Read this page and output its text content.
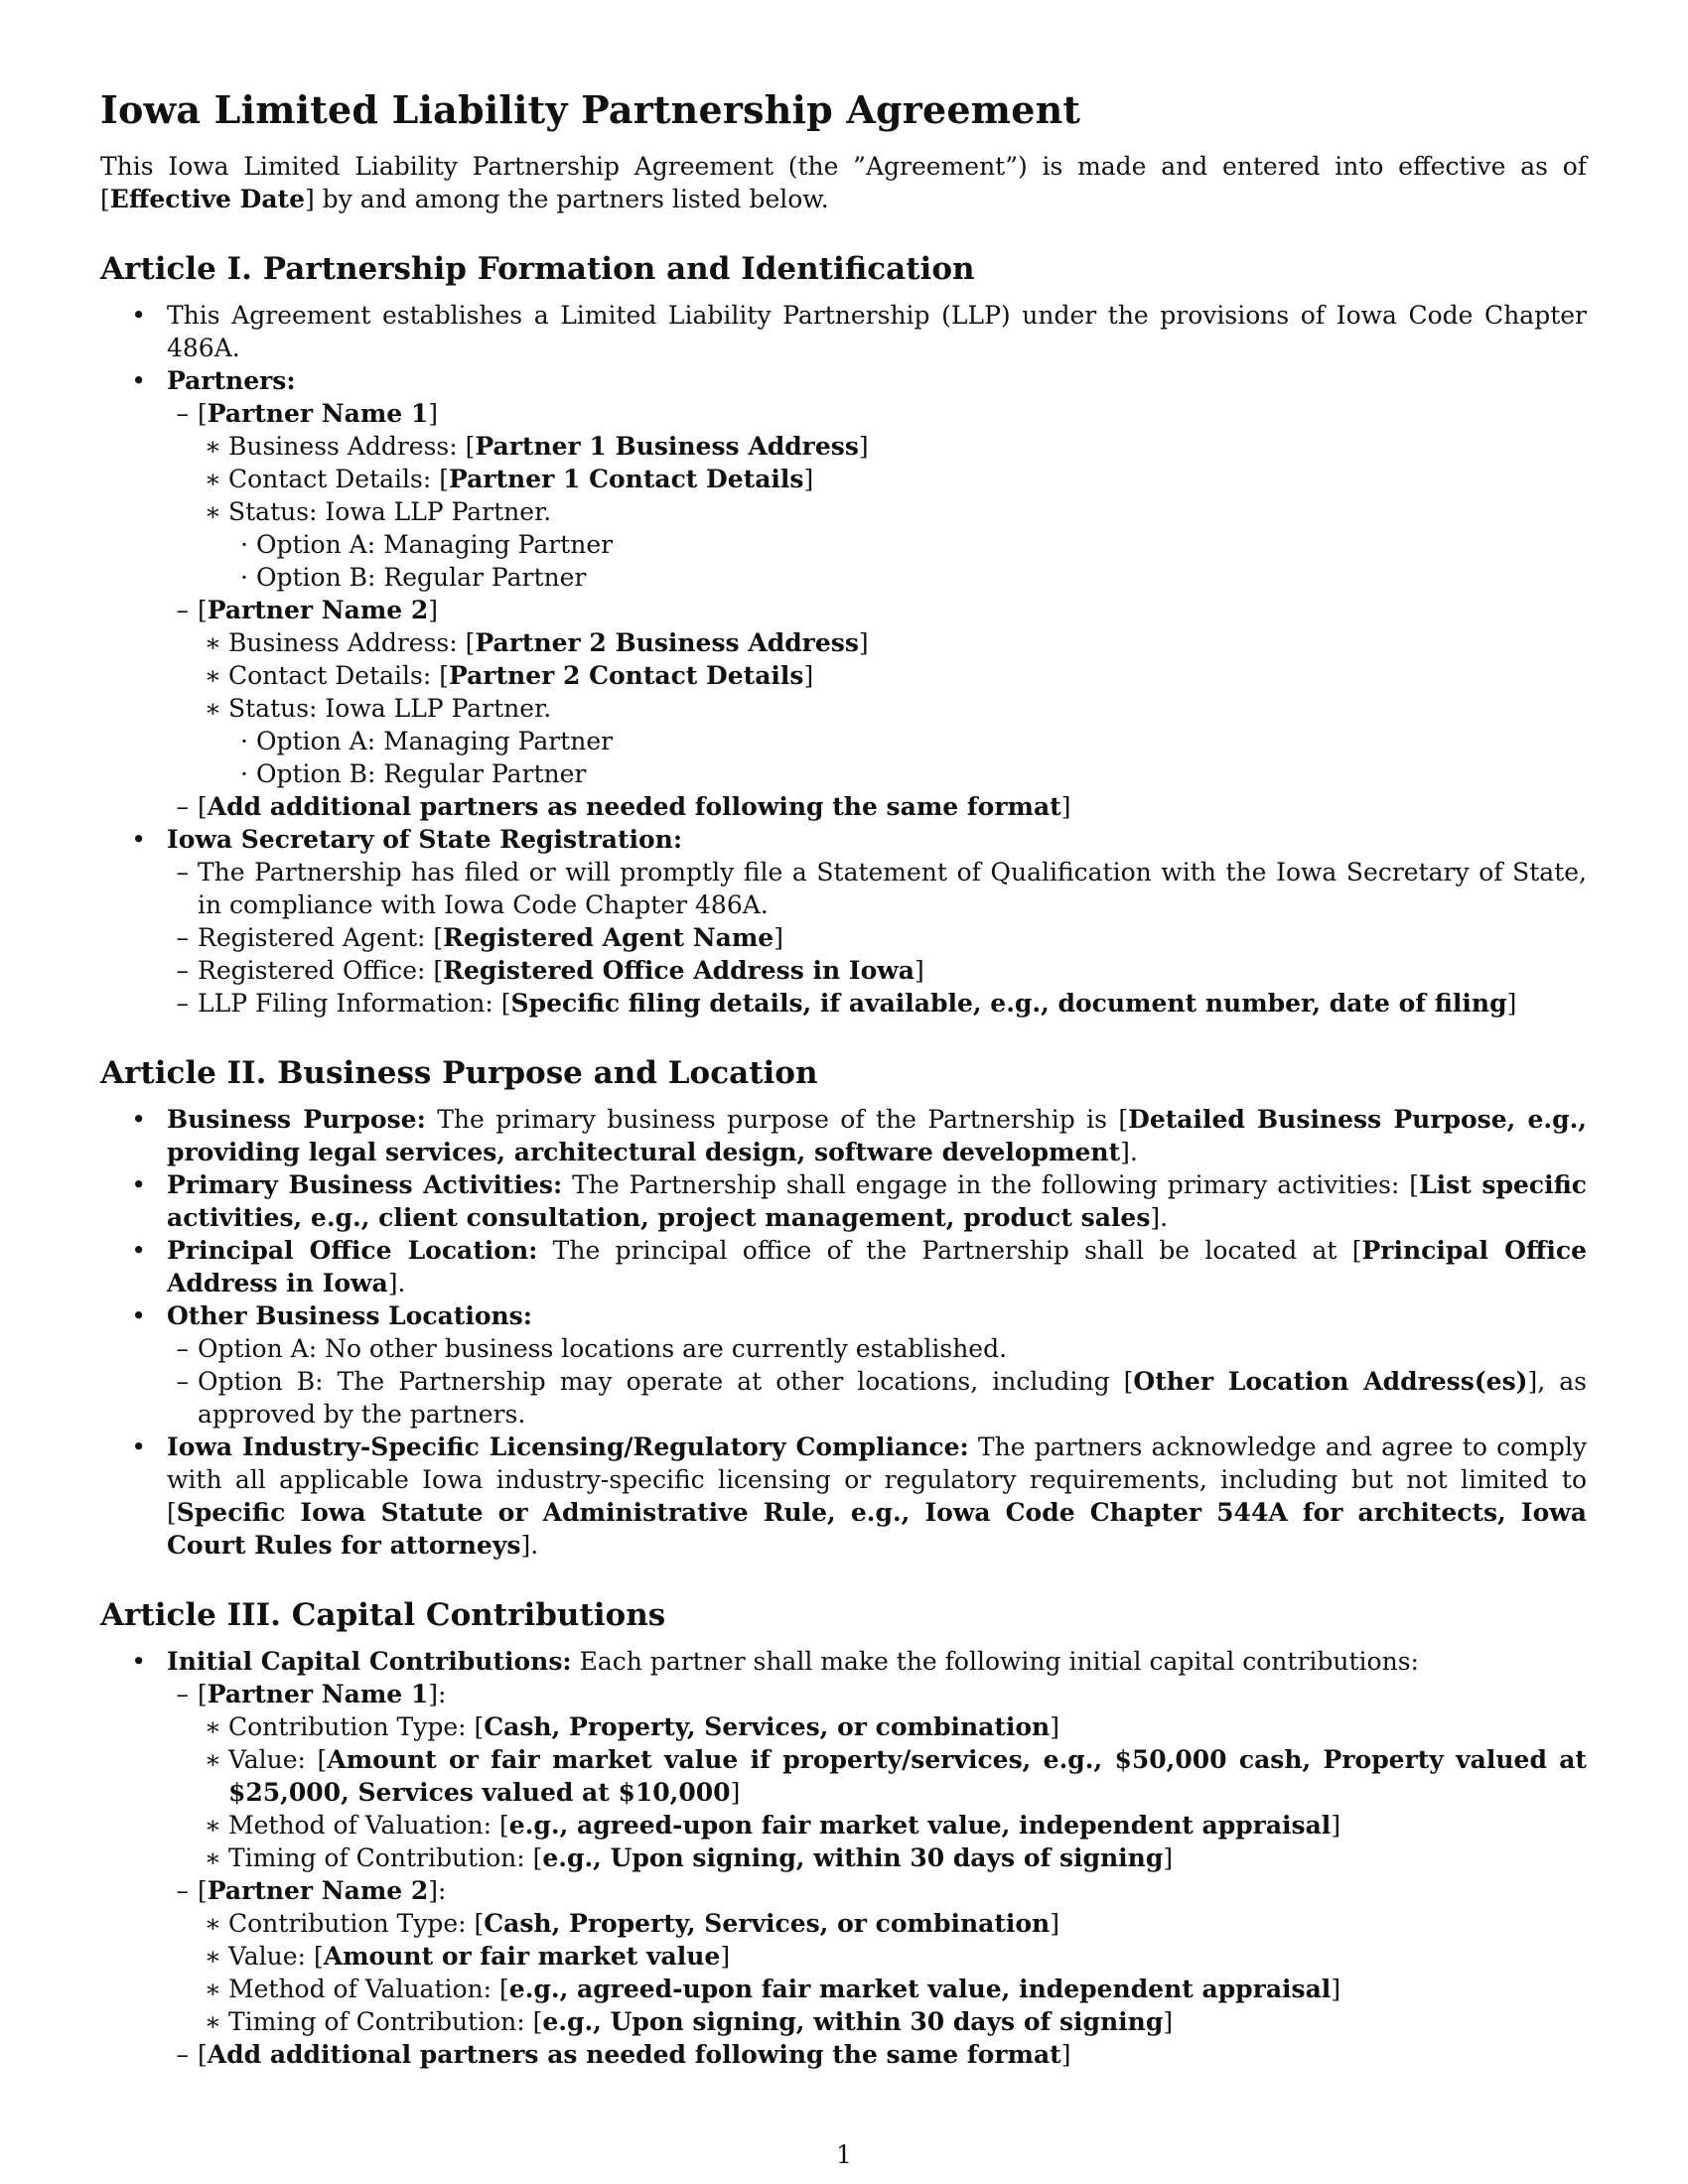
Iowa Limited Liability Partnership Agreement

This Iowa Limited Liability Partnership Agreement (the ”Agreement”) is made and entered into effective as of [Effective Date] by and among the partners listed below.

Article I. Partnership Formation and Identification
• This Agreement establishes a Limited Liability Partnership (LLP) under the provisions of Iowa Code Chapter 486A.
• Partners:
– [Partner Name 1]
∗ Business Address: [Partner 1 Business Address]
∗ Contact Details: [Partner 1 Contact Details]
∗ Status: Iowa LLP Partner.
· Option A: Managing Partner
· Option B: Regular Partner
– [Partner Name 2]
∗ Business Address: [Partner 2 Business Address]
∗ Contact Details: [Partner 2 Contact Details]
∗ Status: Iowa LLP Partner.
· Option A: Managing Partner
· Option B: Regular Partner
– [Add additional partners as needed following the same format]
• Iowa Secretary of State Registration:
– The Partnership has filed or will promptly file a Statement of Qualification with the Iowa Secretary of State, in compliance with Iowa Code Chapter 486A.
– Registered Agent: [Registered Agent Name]
– Registered Office: [Registered Office Address in Iowa]
– LLP Filing Information: [Specific filing details, if available, e.g., document number, date of filing]
Article II. Business Purpose and Location
• Business Purpose: The primary business purpose of the Partnership is [Detailed Business Purpose, e.g., providing legal services, architectural design, software development].
• Primary Business Activities: The Partnership shall engage in the following primary activities: [List specific activities, e.g., client consultation, project management, product sales].
• Principal Office Location: The principal office of the Partnership shall be located at [Principal Office Address in Iowa].
• Other Business Locations:
– Option A: No other business locations are currently established.
– Option B: The Partnership may operate at other locations, including [Other Location Address(es)], as approved by the partners.
• Iowa Industry-Specific Licensing/Regulatory Compliance: The partners acknowledge and agree to comply with all applicable Iowa industry-specific licensing or regulatory requirements, including but not limited to [Specific Iowa Statute or Administrative Rule, e.g., Iowa Code Chapter 544A for architects, Iowa Court Rules for attorneys].
Article III. Capital Contributions
• Initial Capital Contributions: Each partner shall make the following initial capital contributions:
– [Partner Name 1]:
∗ Contribution Type: [Cash, Property, Services, or combination]
∗ Value: [Amount or fair market value if property/services, e.g., $50,000 cash, Property valued at $25,000, Services valued at $10,000]
∗ Method of Valuation: [e.g., agreed-upon fair market value, independent appraisal]
∗ Timing of Contribution: [e.g., Upon signing, within 30 days of signing]
– [Partner Name 2]:
∗ Contribution Type: [Cash, Property, Services, or combination]
∗ Value: [Amount or fair market value]
∗ Method of Valuation: [e.g., agreed-upon fair market value, independent appraisal]
∗ Timing of Contribution: [e.g., Upon signing, within 30 days of signing]
– [Add additional partners as needed following the same format]
1
